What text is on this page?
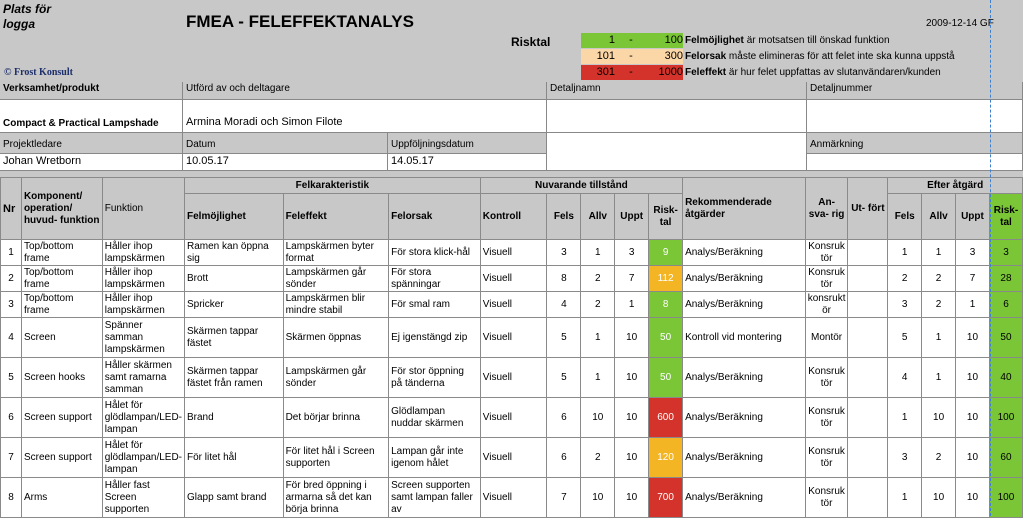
Plats för
logga
© Frost Konsult
FMEA - FELEFFEKTANALYS	2009-12-14 GF
Risktal	1	-	100 Felmöjlighet är motsatsen till önskad funktion
101	-	300 Felorsak måste elimineras för att felet inte ska kunna uppstå
301	-	1000 Feleffekt är hur felet uppfattas av slutanvändaren/kunden
Verksamhet/produkt	Utförd av och deltagare	Detaljnamn	Detaljnummer
Compact & Practical Lampshade	Armina Moradi och Simon Filote
Projektledare	Datum	Uppföljningsdatum	Anmärkning
Johan Wretborn	10.05.17	14.05.17
Nr	Komponent/ operation/ huvud- funktion	Funktion	Felkarakteristik			Nuvarande tillstånd					Rekommenderade åtgärder	An- sva- rig	Ut- fört	Efter åtgärd			
			Felmöjlighet	Feleffekt	Felorsak	Kontroll	Fels	Allv	Uppt	Risk- tal				Fels	Allv	Uppt	Risk- tal
1	Top/bottom frame	Håller ihop lampskärmen	Ramen kan öppna sig	Lampskärmen byter format	För stora klick-hål	Visuell	3	1	3	9	Analys/Beräkning	Konsruk tör		1	1	3	3
2	Top/bottom frame	Håller ihop lampskärmen	Brott	Lampskärmen går sönder	För stora spänningar	Visuell	8	2	7	112	Analys/Beräkning	Konsruk tör		2	2	7	28
3	Top/bottom frame	Håller ihop lampskärmen	Spricker	Lampskärmen blir mindre stabil	För smal ram	Visuell	4	2	1	8	Analys/Beräkning	konsrukt ör		3	2	1	6
4	Screen	Spänner samman lampskärmen	Skärmen tappar fästet	Skärmen öppnas	Ej igenstängd zip	Visuell	5	1	10	50	Kontroll vid montering	Montör		5	1	10	50
5	Screen hooks	Håller skärmen samt ramarna samman	Skärmen tappar fästet från ramen	Lampskärmen går sönder	För stor öppning på tänderna	Visuell	5	1	10	50	Analys/Beräkning	Konsruk tör		4	1	10	40
6	Screen support	Hålet för glödlampan/LED-lampan	Brand	Det börjar brinna	Glödlampan nuddar skärmen	Visuell	6	10	10	600	Analys/Beräkning	Konsruk tör		1	10	10	100
7	Screen support	Hålet för glödlampan/LED-lampan	För litet hål	För litet hål i Screen supporten	Lampan går inte igenom hålet	Visuell	6	2	10	120	Analys/Beräkning	Konsruk tör		3	2	10	60
8	Arms	Håller fast Screen supporten	Glapp samt brand	För bred öppning i armarna så det kan börja brinna	Screen supporten samt lampan faller av	Visuell	7	10	10	700	Analys/Beräkning	Konsruk tör		1	10	10	100
